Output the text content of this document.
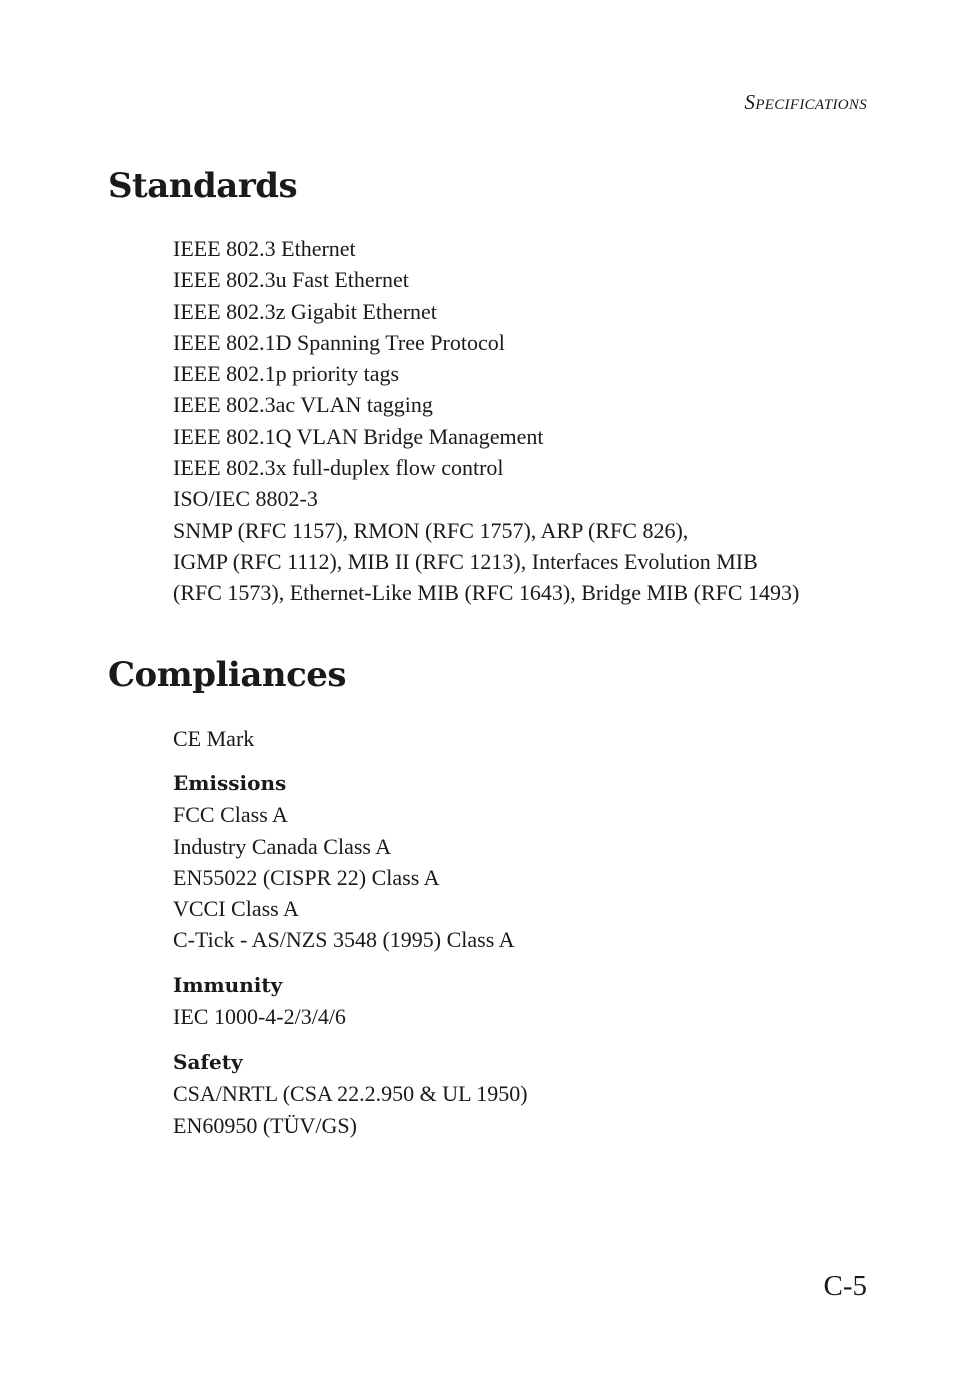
Specifications
Standards
IEEE 802.3 Ethernet
IEEE 802.3u Fast Ethernet
IEEE 802.3z Gigabit Ethernet
IEEE 802.1D Spanning Tree Protocol
IEEE 802.1p priority tags
IEEE 802.3ac VLAN tagging
IEEE 802.1Q VLAN Bridge Management
IEEE 802.3x full-duplex flow control
ISO/IEC 8802-3
SNMP (RFC 1157), RMON (RFC 1757), ARP (RFC 826),
IGMP (RFC 1112), MIB II (RFC 1213), Interfaces Evolution MIB
(RFC 1573), Ethernet-Like MIB (RFC 1643), Bridge MIB (RFC 1493)
Compliances
CE Mark
Emissions
FCC Class A
Industry Canada Class A
EN55022 (CISPR 22) Class A
VCCI Class A
C-Tick - AS/NZS 3548 (1995) Class A
Immunity
IEC 1000-4-2/3/4/6
Safety
CSA/NRTL (CSA 22.2.950 & UL 1950)
EN60950 (TÜV/GS)
C-5
